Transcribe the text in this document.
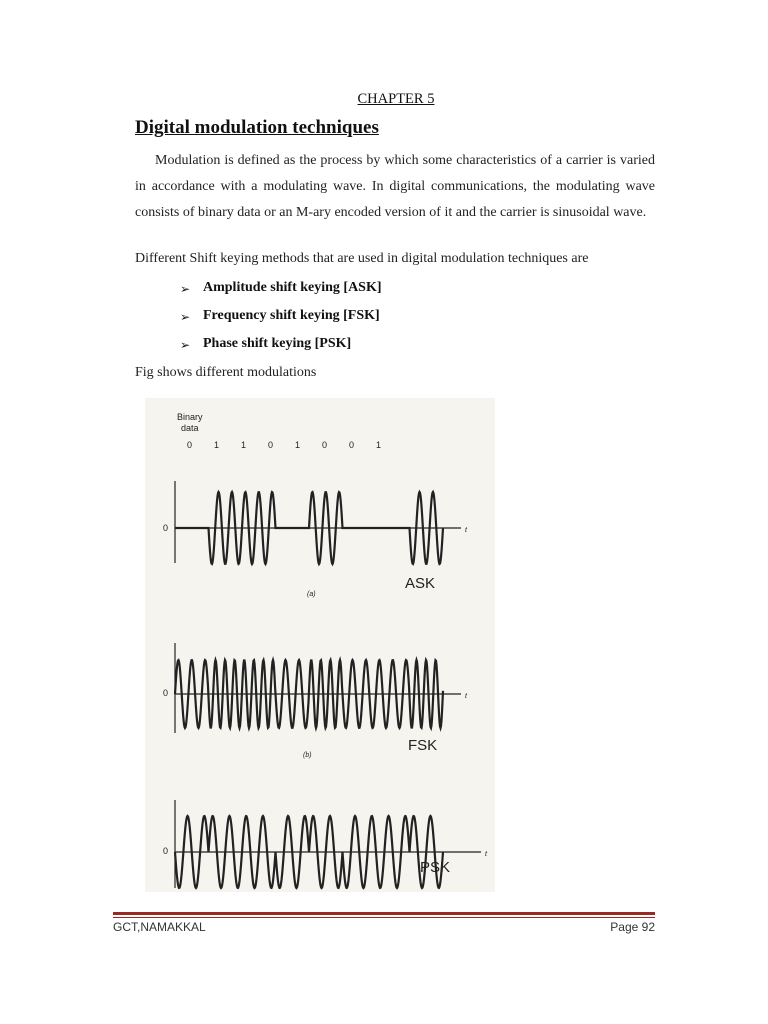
CHAPTER 5
Digital modulation techniques
Modulation is defined as the process by which some characteristics of a carrier is varied in accordance with a modulating wave. In digital communications, the modulating wave consists of binary data or an M-ary encoded version of it and the carrier is sinusoidal wave.
Different Shift keying methods that are used in digital modulation techniques are
➢ Amplitude shift keying [ASK]
➢ Frequency shift keying [FSK]
➢ Phase shift keying [PSK]
Fig shows different modulations
Binary
data
0 1 1 0 1 0 0 1
0	t
ASK
(a)
0	t
FSK
(b)
0	t
PSK
GCT,NAMAKKAL	Page 92
